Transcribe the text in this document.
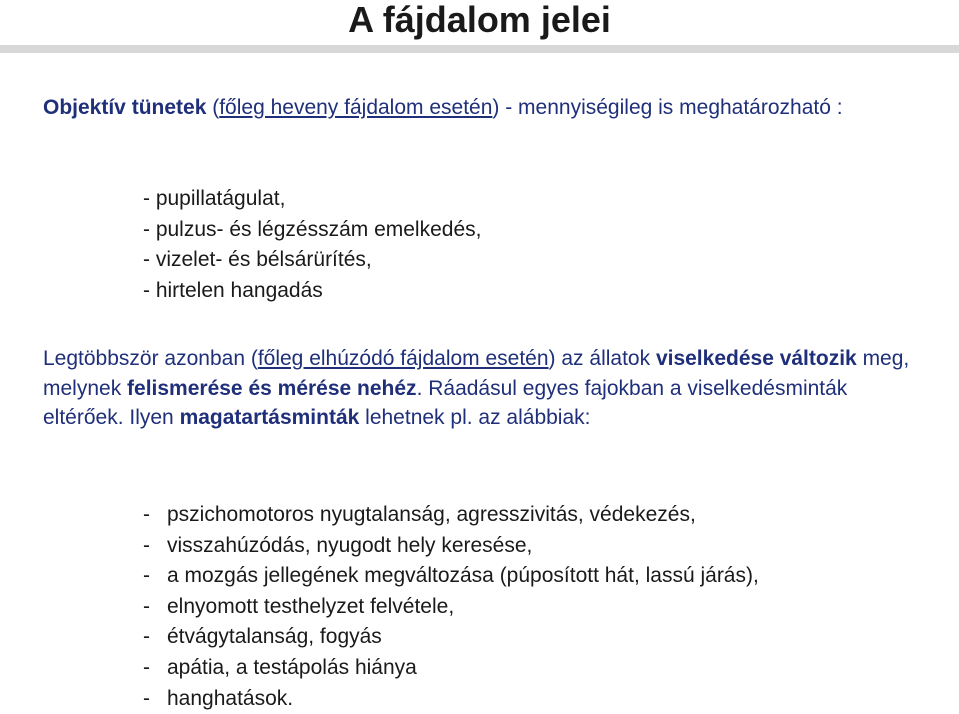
A fájdalom jelei

Objektív tünetek (főleg heveny fájdalom esetén) - mennyiségileg is meghatározható :

- pupillatágulat,
- pulzus- és légzésszám emelkedés,
- vizelet- és bélsárürítés,
- hirtelen hangadás

Legtöbbször azonban (főleg elhúzódó fájdalom esetén) az állatok viselkedése változik meg, melynek felismerése és mérése nehéz. Ráadásul egyes fajokban a viselkedésminták eltérőek. Ilyen magatartásminták lehetnek pl. az alábbiak:

- pszichomotoros nyugtalanság, agresszivitás, védekezés,
- visszahúzódás, nyugodt hely keresése,
- a mozgás jellegének megváltozása (púposított hát, lassú járás),
- elnyomott testhelyzet felvétele,
- étvágytalanság, fogyás
- apátia, a testápolás hiánya
- hanghatások.
